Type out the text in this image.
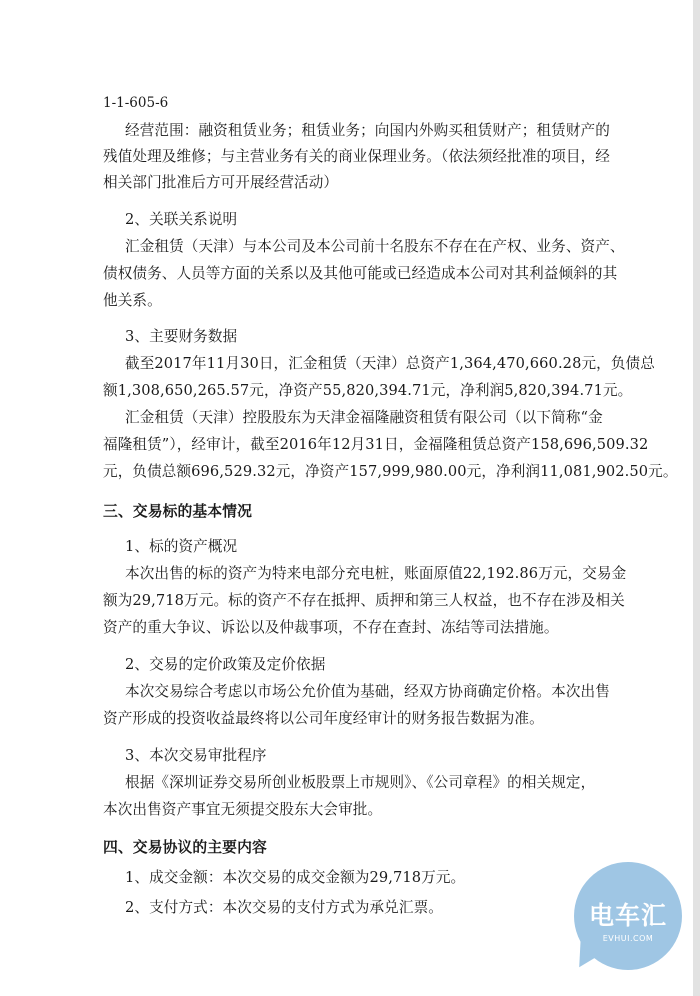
1-1-605-6
经营范围：融资租赁业务；租赁业务；向国内外购买租赁财产；租赁财产的
残值处理及维修；与主营业务有关的商业保理业务。（依法须经批准的项目，经
相关部门批准后方可开展经营活动）
2、关联关系说明
汇金租赁（天津）与本公司及本公司前十名股东不存在在产权、业务、资产、
债权债务、人员等方面的关系以及其他可能或已经造成本公司对其利益倾斜的其
他关系。
3、主要财务数据
截至2017年11月30日，汇金租赁（天津）总资产1,364,470,660.28元，负债总
额1,308,650,265.57元，净资产55,820,394.71元，净利润5,820,394.71元。
汇金租赁（天津）控股股东为天津金福隆融资租赁有限公司（以下简称“金
福隆租赁”），经审计，截至2016年12月31日，金福隆租赁总资产158,696,509.32
元，负债总额696,529.32元，净资产157,999,980.00元，净利润11,081,902.50元。
三、交易标的基本情况
1、标的资产概况
本次出售的标的资产为特来电部分充电桩，账面原值22,192.86万元，交易金
额为29,718万元。标的资产不存在抵押、质押和第三人权益，也不存在涉及相关
资产的重大争议、诉讼以及仲裁事项，不存在查封、冻结等司法措施。
2、交易的定价政策及定价依据
本次交易综合考虑以市场公允价值为基础，经双方协商确定价格。本次出售
资产形成的投资收益最终将以公司年度经审计的财务报告数据为准。
3、本次交易审批程序
根据《深圳证券交易所创业板股票上市规则》、《公司章程》的相关规定，
本次出售资产事宜无须提交股东大会审批。
四、交易协议的主要内容
1、成交金额：本次交易的成交金额为29,718万元。
2、支付方式：本次交易的支付方式为承兑汇票。	电车汇
EVHUI.COM
